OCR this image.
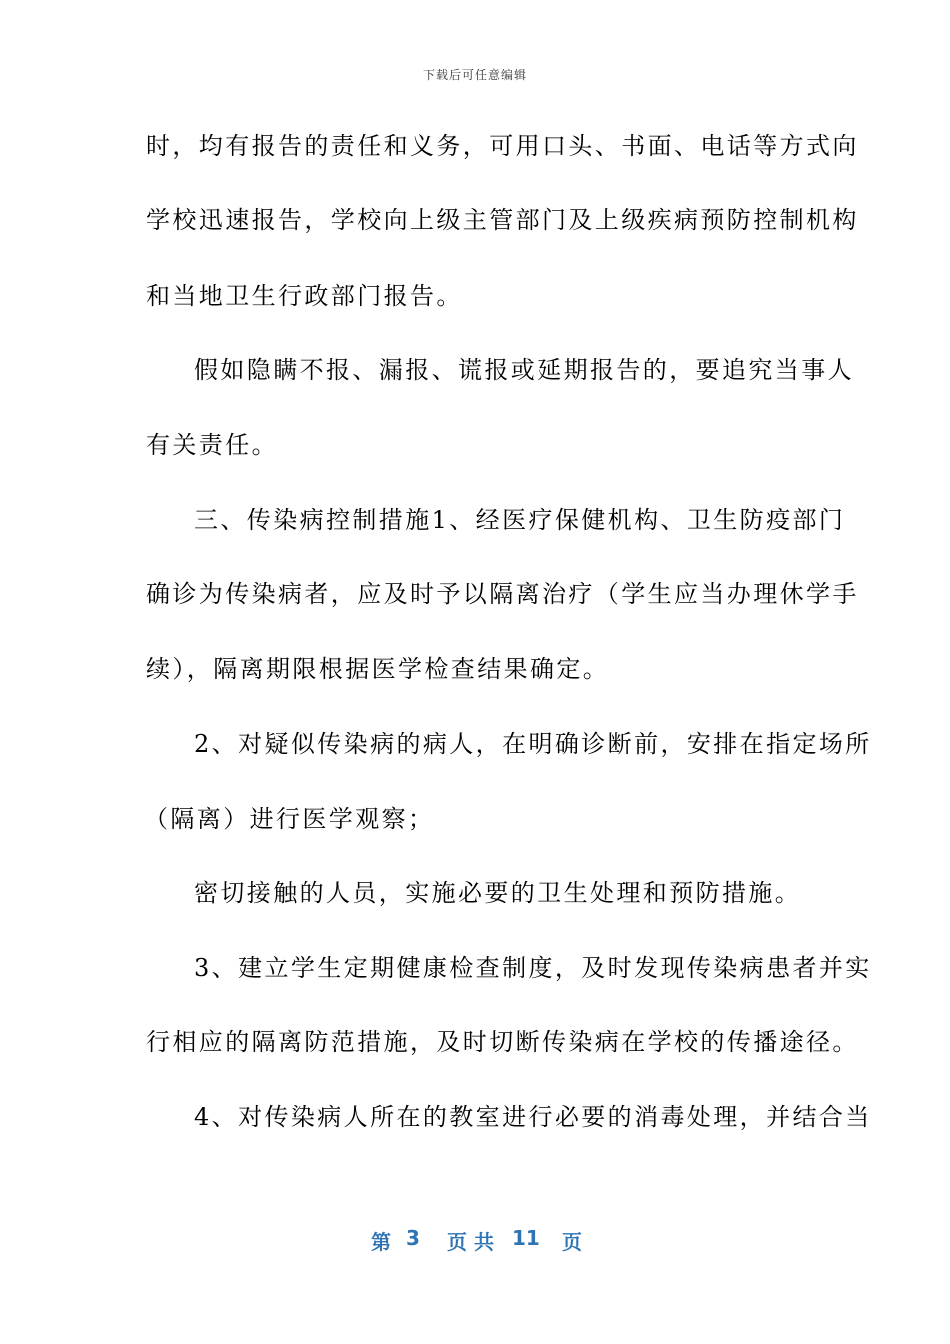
下载后可任意编辑
时，均有报告的责任和义务，可用口头、书面、电话等方式向
学校迅速报告，学校向上级主管部门及上级疾病预防控制机构
和当地卫生行政部门报告。
假如隐瞒不报、漏报、谎报或延期报告的，要追究当事人
有关责任。
三、传染病控制措施1、经医疗保健机构、卫生防疫部门
确诊为传染病者，应及时予以隔离治疗（学生应当办理休学手
续），隔离期限根据医学检查结果确定。
2、对疑似传染病的病人，在明确诊断前，安排在指定场所
（隔离）进行医学观察；
密切接触的人员，实施必要的卫生处理和预防措施。
3、建立学生定期健康检查制度，及时发现传染病患者并实
行相应的隔离防范措施，及时切断传染病在学校的传播途径。
4、对传染病人所在的教室进行必要的消毒处理，并结合当
第 3 页 共 11 页
